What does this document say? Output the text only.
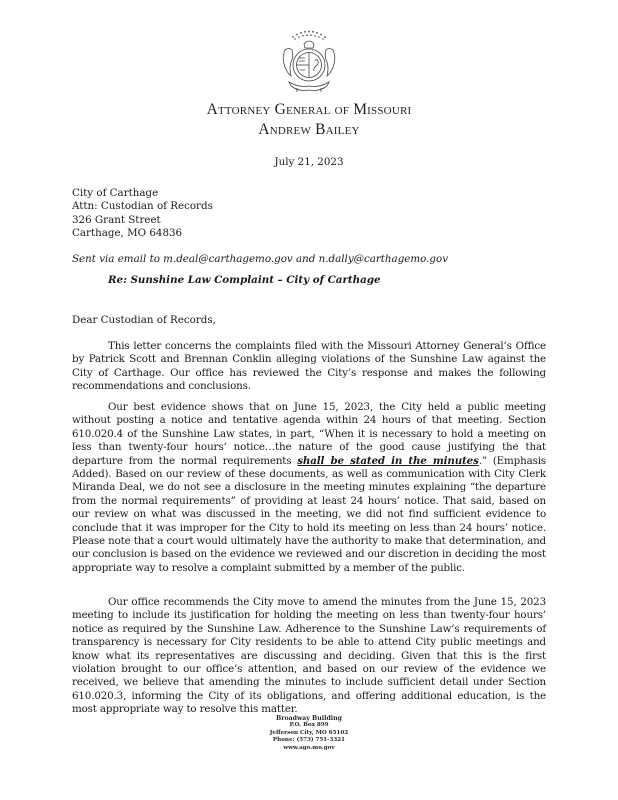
Attorney General of Missouri
Andrew Bailey
July 21, 2023
City of Carthage
Attn: Custodian of Records
326 Grant Street
Carthage, MO 64836
Sent via email to m.deal@carthagemo.gov and n.dally@carthagemo.gov
Re: Sunshine Law Complaint – City of Carthage
Dear Custodian of Records,
This letter concerns the complaints filed with the Missouri Attorney General’s Office by Patrick Scott and Brennan Conklin alleging violations of the Sunshine Law against the City of Carthage. Our office has reviewed the City’s response and makes the following recommendations and conclusions.
Our best evidence shows that on June 15, 2023, the City held a public meeting without posting a notice and tentative agenda within 24 hours of that meeting. Section 610.020.4 of the Sunshine Law states, in part, “When it is necessary to hold a meeting on less than twenty-four hours’ notice…the nature of the good cause justifying the that departure from the normal requirements shall be stated in the minutes.” (Emphasis Added). Based on our review of these documents, as well as communication with City Clerk Miranda Deal, we do not see a disclosure in the meeting minutes explaining “the departure from the normal requirements” of providing at least 24 hours’ notice. That said, based on our review on what was discussed in the meeting, we did not find sufficient evidence to conclude that it was improper for the City to hold its meeting on less than 24 hours’ notice. Please note that a court would ultimately have the authority to make that determination, and our conclusion is based on the evidence we reviewed and our discretion in deciding the most appropriate way to resolve a complaint submitted by a member of the public.
Our office recommends the City move to amend the minutes from the June 15, 2023 meeting to include its justification for holding the meeting on less than twenty-four hours’ notice as required by the Sunshine Law. Adherence to the Sunshine Law’s requirements of transparency is necessary for City residents to be able to attend City public meetings and know what its representatives are discussing and deciding. Given that this is the first violation brought to our office’s attention, and based on our review of the evidence we received, we believe that amending the minutes to include sufficient detail under Section 610.020.3, informing the City of its obligations, and offering additional education, is the most appropriate way to resolve this matter.
Broadway Building
P.O. Box 899
Jefferson City, MO 65102
Phone: (573) 751-3321
www.ago.mo.gov
